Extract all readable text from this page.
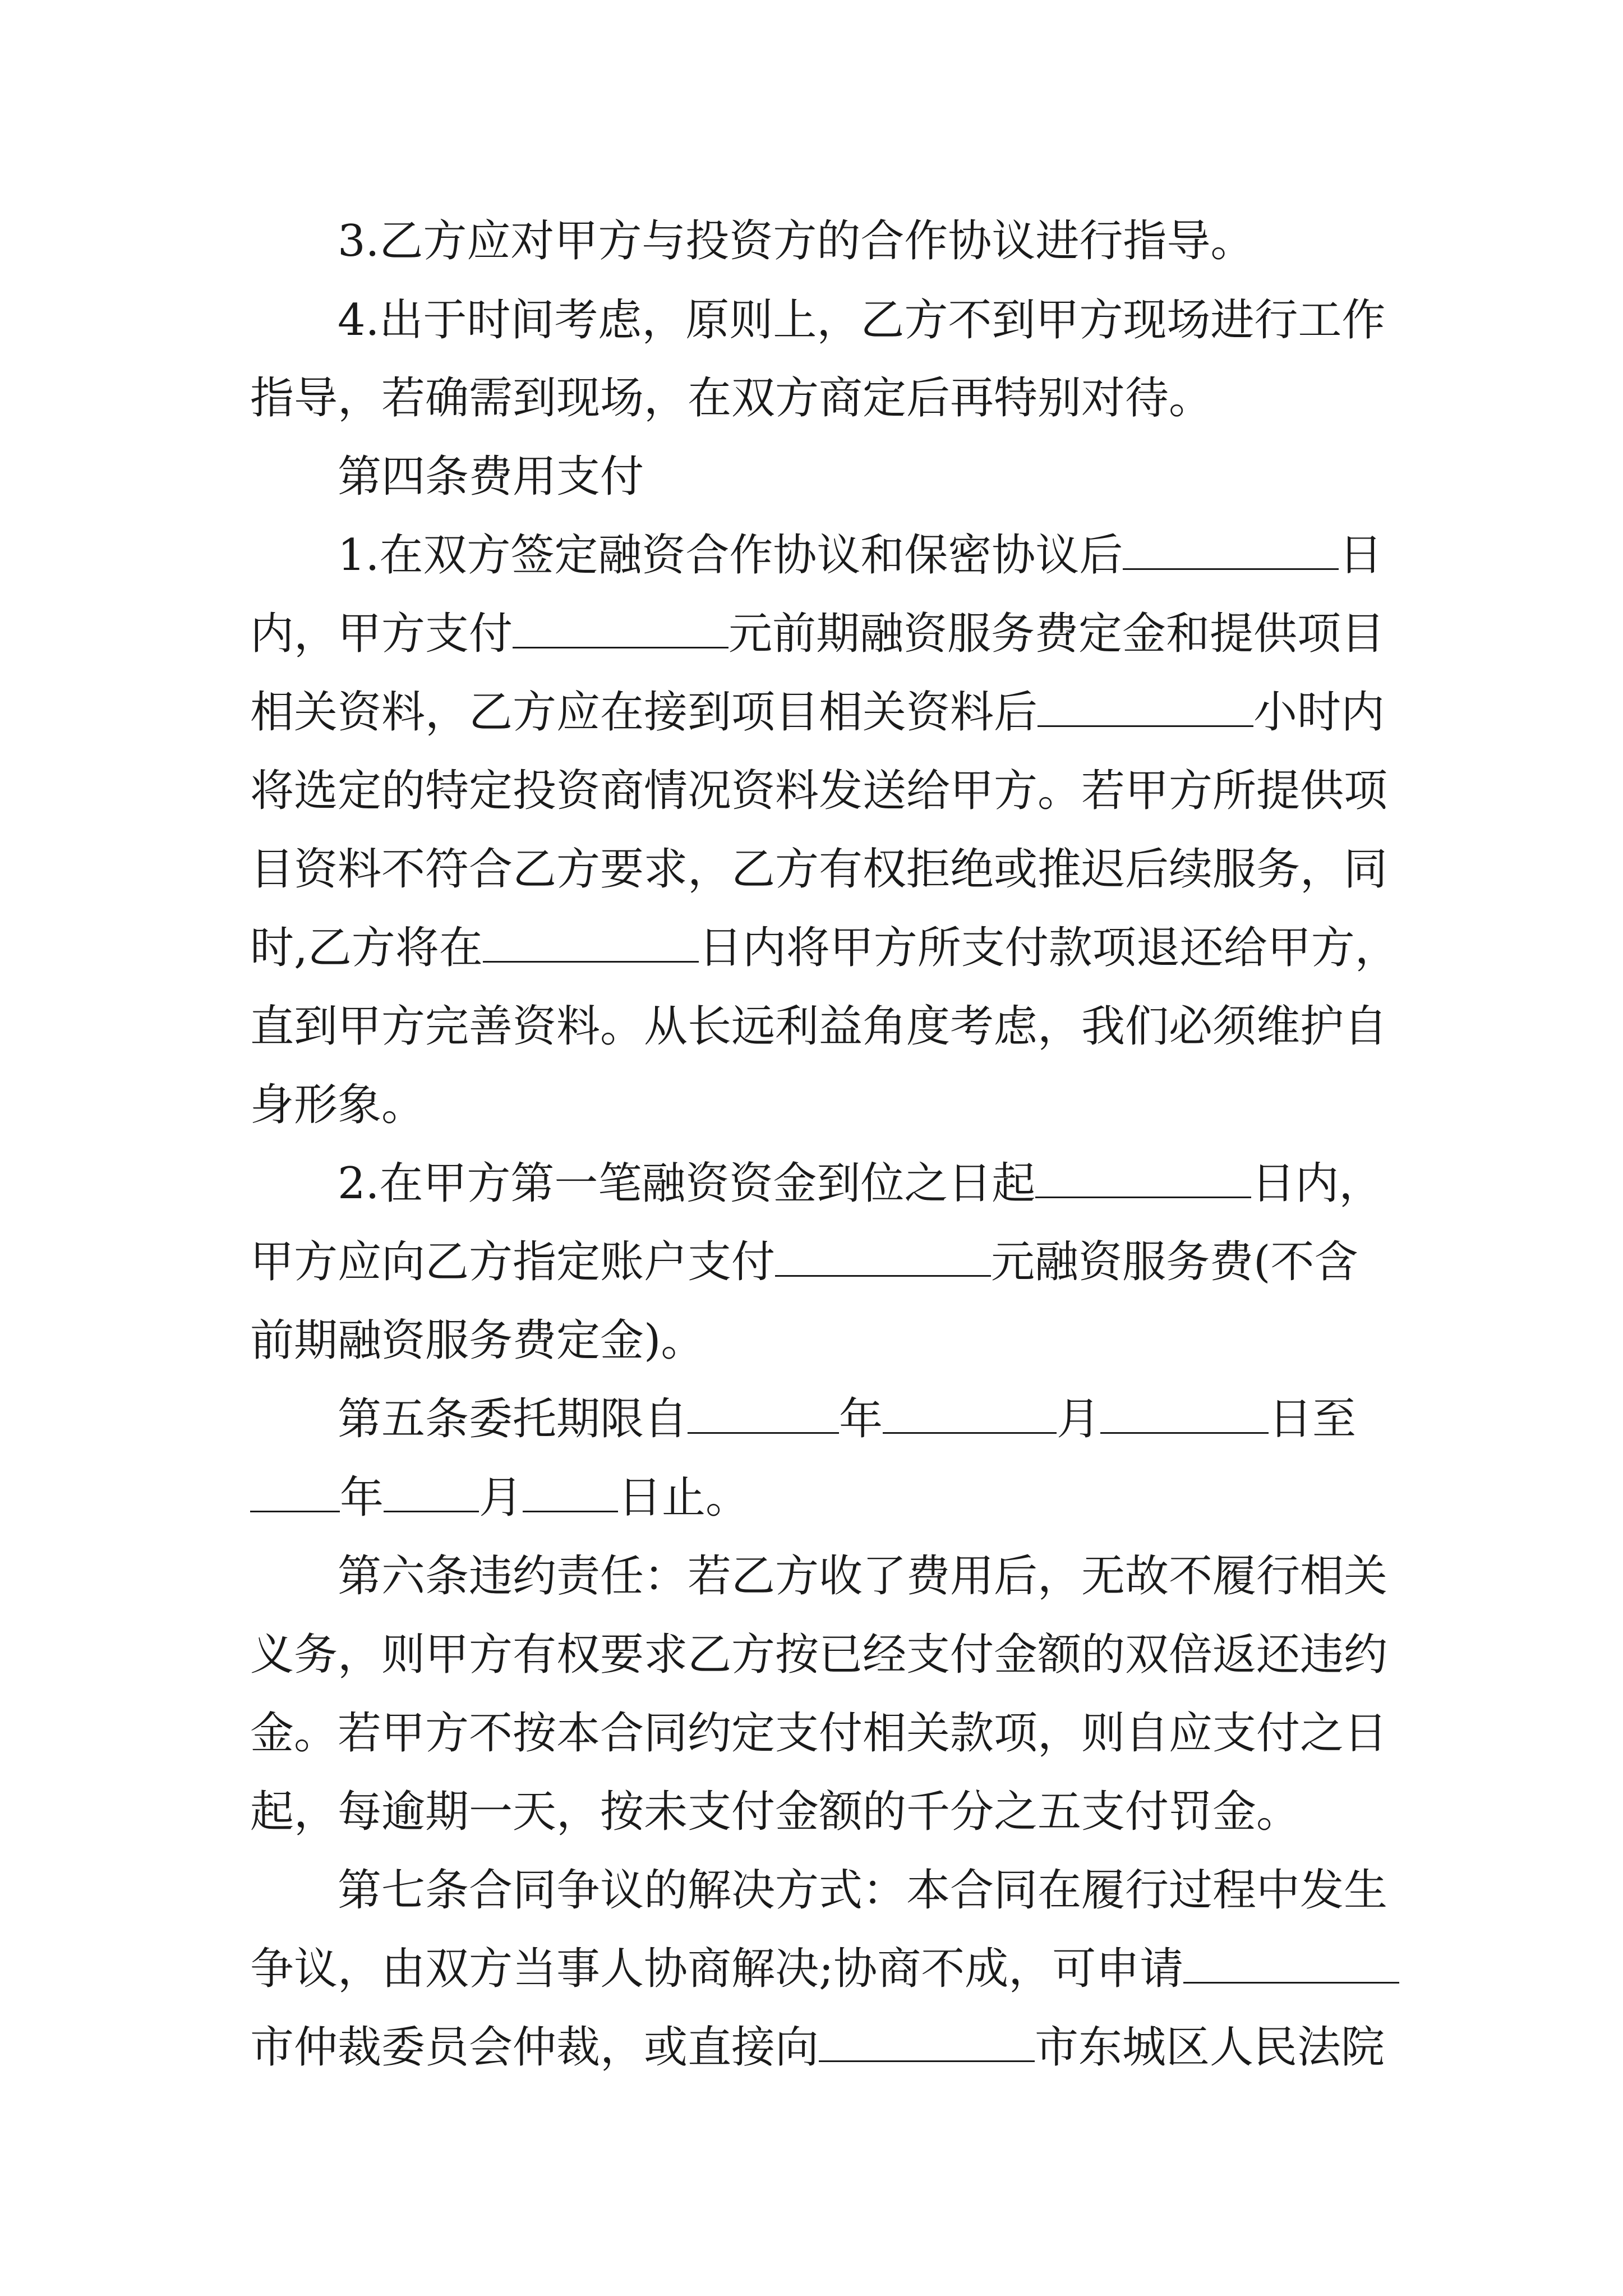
3.乙方应对甲方与投资方的合作协议进行指导。
4.出于时间考虑，原则上，乙方不到甲方现场进行工作
指导，若确需到现场，在双方商定后再特别对待。
第四条费用支付
1.在双方签定融资合作协议和保密协议后	日
内，甲方支付	元前期融资服务费定金和提供项目
相关资料，乙方应在接到项目相关资料后	小时内
将选定的特定投资商情况资料发送给甲方。若甲方所提供项
目资料不符合乙方要求，乙方有权拒绝或推迟后续服务，同
时,乙方将在	日内将甲方所支付款项退还给甲方，
直到甲方完善资料。从长远利益角度考虑，我们必须维护自
身形象。
2.在甲方第一笔融资资金到位之日起	日内，
甲方应向乙方指定账户支付	元融资服务费(不含
前期融资服务费定金)。
第五条委托期限自	年	月	日至
年 月 日止。
第六条违约责任：若乙方收了费用后，无故不履行相关
义务，则甲方有权要求乙方按已经支付金额的双倍返还违约
金。若甲方不按本合同约定支付相关款项，则自应支付之日
起，每逾期一天，按未支付金额的千分之五支付罚金。
第七条合同争议的解决方式：本合同在履行过程中发生
争议，由双方当事人协商解决;协商不成，可申请
市仲裁委员会仲裁，或直接向	市东城区人民法院
